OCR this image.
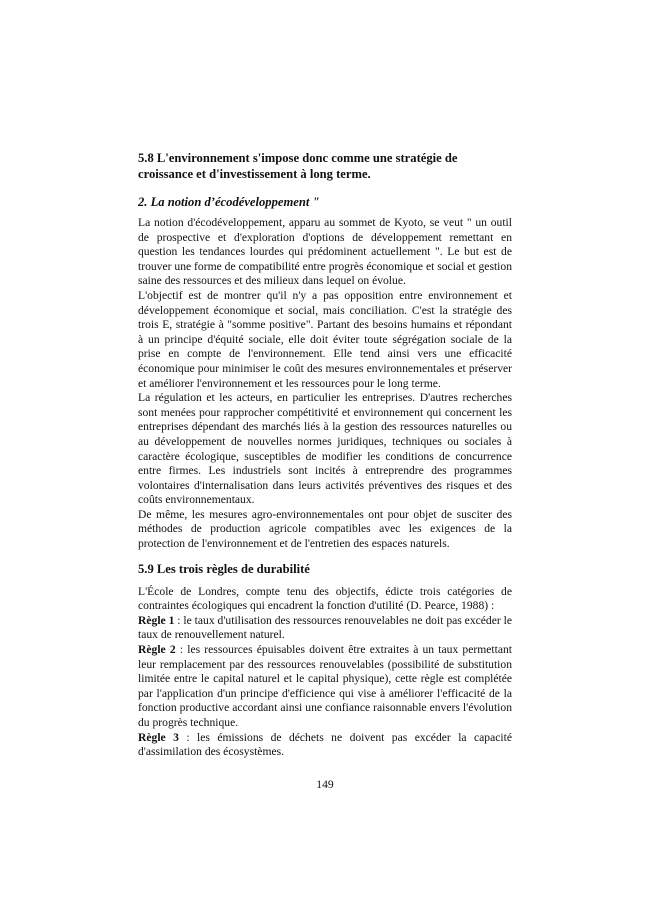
5.8 L'environnement s'impose donc comme une stratégie de croissance et d'investissement à long terme.
2. La notion d’écodéveloppement "

La notion d'écodéveloppement, apparu au sommet de Kyoto, se veut " un outil de prospective et d'exploration d'options de développement remettant en question les tendances lourdes qui prédominent actuellement ". Le but est de trouver une forme de compatibilité entre progrès économique et social et gestion saine des ressources et des milieux dans lequel on évolue.

L'objectif est de montrer qu'il n'y a pas opposition entre environnement et développement économique et social, mais conciliation. C'est la stratégie des trois E, stratégie à "somme positive". Partant des besoins humains et répondant à un principe d'équité sociale, elle doit éviter toute ségrégation sociale de la prise en compte de l'environnement. Elle tend ainsi vers une efficacité économique pour minimiser le coût des mesures environnementales et préserver et améliorer l'environnement et les ressources pour le long terme.

La régulation et les acteurs, en particulier les entreprises. D'autres recherches sont menées pour rapprocher compétitivité et environnement qui concernent les entreprises dépendant des marchés liés à la gestion des ressources naturelles ou au développement de nouvelles normes juridiques, techniques ou sociales à caractère écologique, susceptibles de modifier les conditions de concurrence entre firmes. Les industriels sont incités à entreprendre des programmes volontaires d'internalisation dans leurs activités préventives des risques et des coûts environnementaux.

De même, les mesures agro-environnementales ont pour objet de susciter des méthodes de production agricole compatibles avec les exigences de la protection de l'environnement et de l'entretien des espaces naturels.

5.9 Les trois règles de durabilité

L'École de Londres, compte tenu des objectifs, édicte trois catégories de contraintes écologiques qui encadrent la fonction d'utilité (D. Pearce, 1988) :

Règle 1 : le taux d'utilisation des ressources renouvelables ne doit pas excéder le taux de renouvellement naturel.

Règle 2 : les ressources épuisables doivent être extraites à un taux permettant leur remplacement par des ressources renouvelables (possibilité de substitution limitée entre le capital naturel et le capital physique), cette règle est complétée par l'application d'un principe d'efficience qui vise à améliorer l'efficacité de la fonction productive accordant ainsi une confiance raisonnable envers l'évolution du progrès technique.

Règle 3 : les émissions de déchets ne doivent pas excéder la capacité d'assimilation des écosystèmes.

149
